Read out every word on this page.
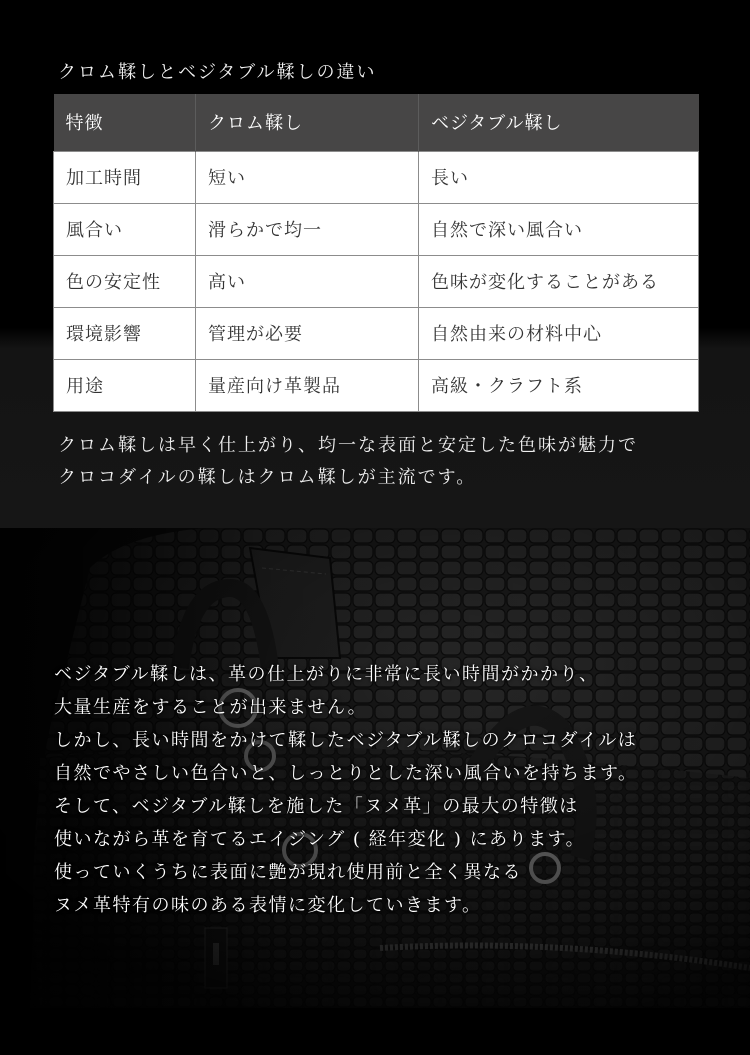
クロム鞣しとベジタブル鞣しの違い
特徴	クロム鞣し	ベジタブル鞣し
加工時間	短い	長い
風合い	滑らかで均一	自然で深い風合い
色の安定性	高い	色味が変化することがある
環境影響	管理が必要	自然由来の材料中心
用途	量産向け革製品	高級・クラフト系
クロム鞣しは早く仕上がり、均一な表面と安定した色味が魅力で
クロコダイルの鞣しはクロム鞣しが主流です。

ベジタブル鞣しは、革の仕上がりに非常に長い時間がかかり、

大量生産をすることが出来ません。

しかし、長い時間をかけて鞣したベジタブル鞣しのクロコダイルは

自然でやさしい色合いと、しっとりとした深い風合いを持ちます。

そして、ベジタブル鞣しを施した「ヌメ革」の最大の特徴は

使いながら革を育てるエイジング ( 経年変化 ) にあります。

使っていくうちに表面に艶が現れ使用前と全く異なる

ヌメ革特有の味のある表情に変化していきます。
